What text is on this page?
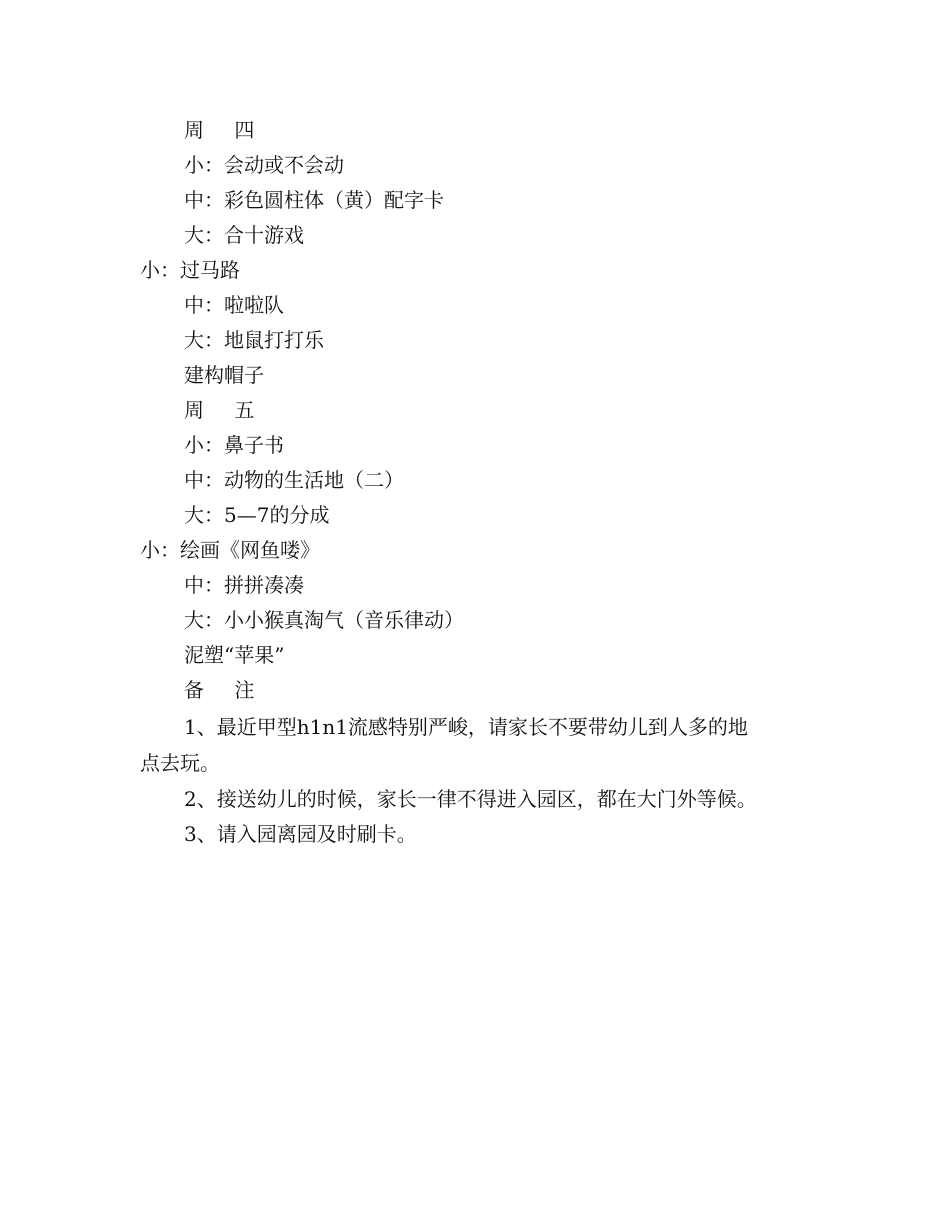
周 四
小：会动或不会动
中：彩色圆柱体（黄）配字卡
大：合十游戏
小：过马路
中：啦啦队
大：地鼠打打乐
建构帽子
周 五
小：鼻子书
中：动物的生活地（二）
大：5—7的分成
小：绘画《网鱼喽》
中：拼拼凑凑
大：小小猴真淘气（音乐律动）
泥塑“苹果”
备 注
1、最近甲型h1n1流感特别严峻，请家长不要带幼儿到人多的地
点去玩。
2、接送幼儿的时候，家长一律不得进入园区，都在大门外等候。
3、请入园离园及时刷卡。
